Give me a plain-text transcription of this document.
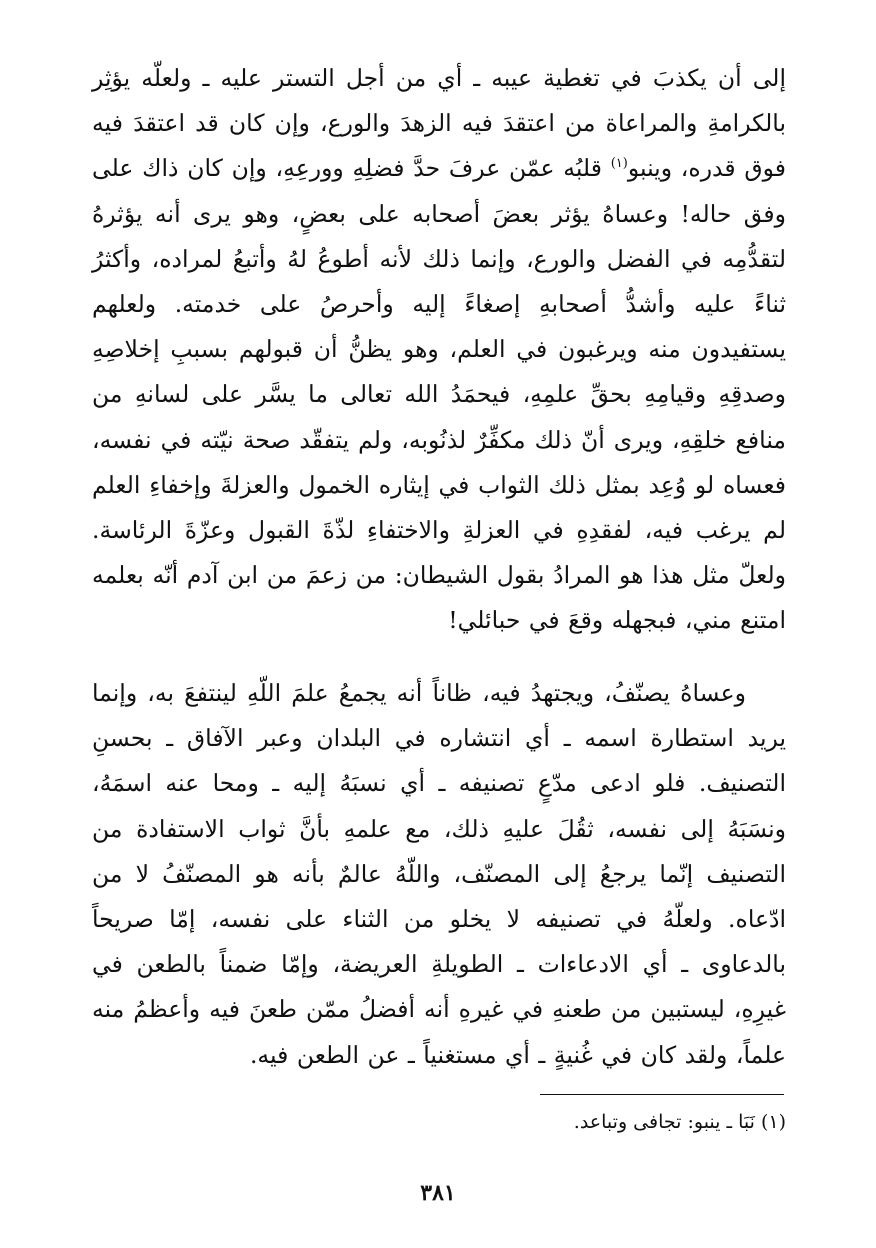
إلى أن يكذبَ في تغطية عيبه ـ أي من أجل التستر عليه ـ ولعلّه يؤثِر بالكرامةِ والمراعاة من اعتقدَ فيه الزهدَ والورع، وإن كان قد اعتقدَ فيه فوق قدره، وينبو$^{(١)}$ قلبُه عمّن عرفَ حدَّ فضلِهِ وورعِهِ، وإن كان ذاك على وفق حاله! وعساهُ يؤثر بعضَ أصحابه على بعضٍ، وهو يرى أنه يؤثرهُ لتقدُّمِه في الفضل والورع، وإنما ذلك لأنه أطوعُ لهُ وأتبعُ لمراده، وأكثرُ ثناءً عليه وأشدُّ أصحابهِ إصغاءً إليه وأحرصُ على خدمته. ولعلهم يستفيدون منه ويرغبون في العلم، وهو يظنُّ أن قبولهم بسببِ إخلاصِهِ وصدقِهِ وقيامِهِ بحقِّ علمِهِ، فيحمَدُ الله تعالى ما يسَّر على لسانهِ من منافع خلقِهِ، ويرى أنّ ذلك مكفِّرٌ لذنُوبه، ولم يتفقّد صحة نيّته في نفسه، فعساه لو وُعِد بمثل ذلك الثواب في إيثاره الخمول والعزلةَ وإخفاءِ العلم لم يرغب فيه، لفقدِهِ في العزلةِ والاختفاءِ لذّةَ القبول وعزّةَ الرئاسة. ولعلّ مثل هذا هو المرادُ بقول الشيطان: من زعمَ من ابن آدم أنّه بعلمه امتنع مني، فبجهله وقعَ في حبائلي!
وعساهُ يصنّفُ، ويجتهدُ فيه، ظاناً أنه يجمعُ علمَ اللّهِ لينتفعَ به، وإنما يريد استطارة اسمه ـ أي انتشاره في البلدان وعبر الآفاق ـ بحسنِ التصنيف. فلو ادعى مدّعٍ تصنيفه ـ أي نسبَهُ إليه ـ ومحا عنه اسمَهُ، ونسَبَهُ إلى نفسه، ثقُلَ عليهِ ذلك، مع علمهِ بأنَّ ثواب الاستفادة من التصنيف إنّما يرجعُ إلى المصنّف، واللّهُ عالمٌ بأنه هو المصنّفُ لا من ادّعاه. ولعلّهُ في تصنيفه لا يخلو من الثناء على نفسه، إمّا صريحاً بالدعاوى ـ أي الادعاءات ـ الطويلةِ العريضة، وإمّا ضمناً بالطعن في غيرِهِ، ليستبين من طعنهِ في غيرهِ أنه أفضلُ ممّن طعنَ فيه وأعظمُ منه علماً، ولقد كان في غُنيةٍ ـ أي مستغنياً ـ عن الطعن فيه.
(١) نَبَا ـ ينبو: تجافى وتباعد.
٣٨١
